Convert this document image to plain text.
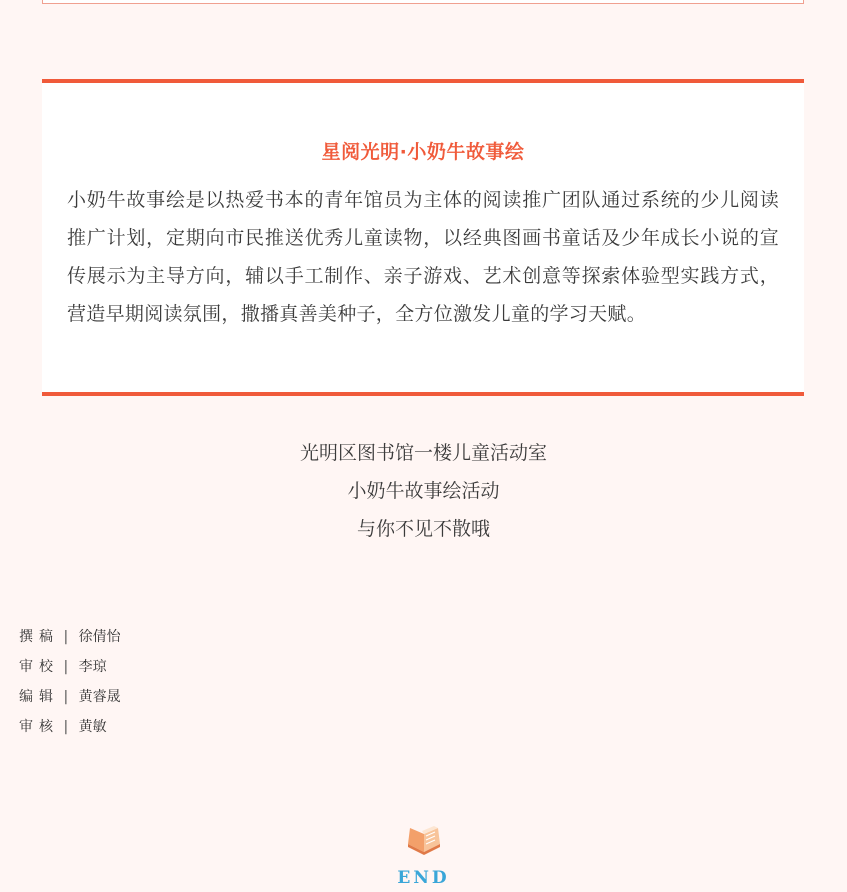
星阅光明·小奶牛故事绘
小奶牛故事绘是以热爱书本的青年馆员为主体的阅读推广团队通过系统的少儿阅读推广计划，定期向市民推送优秀儿童读物，以经典图画书童话及少年成长小说的宣传展示为主导方向，辅以手工制作、亲子游戏、艺术创意等探索体验型实践方式，营造早期阅读氛围，撒播真善美种子，全方位激发儿童的学习天赋。
光明区图书馆一楼儿童活动室
小奶牛故事绘活动
与你不见不散哦
撰稿 | 徐倩怡
审校 | 李琼
编辑 | 黄睿晟
审核 | 黄敏
END
